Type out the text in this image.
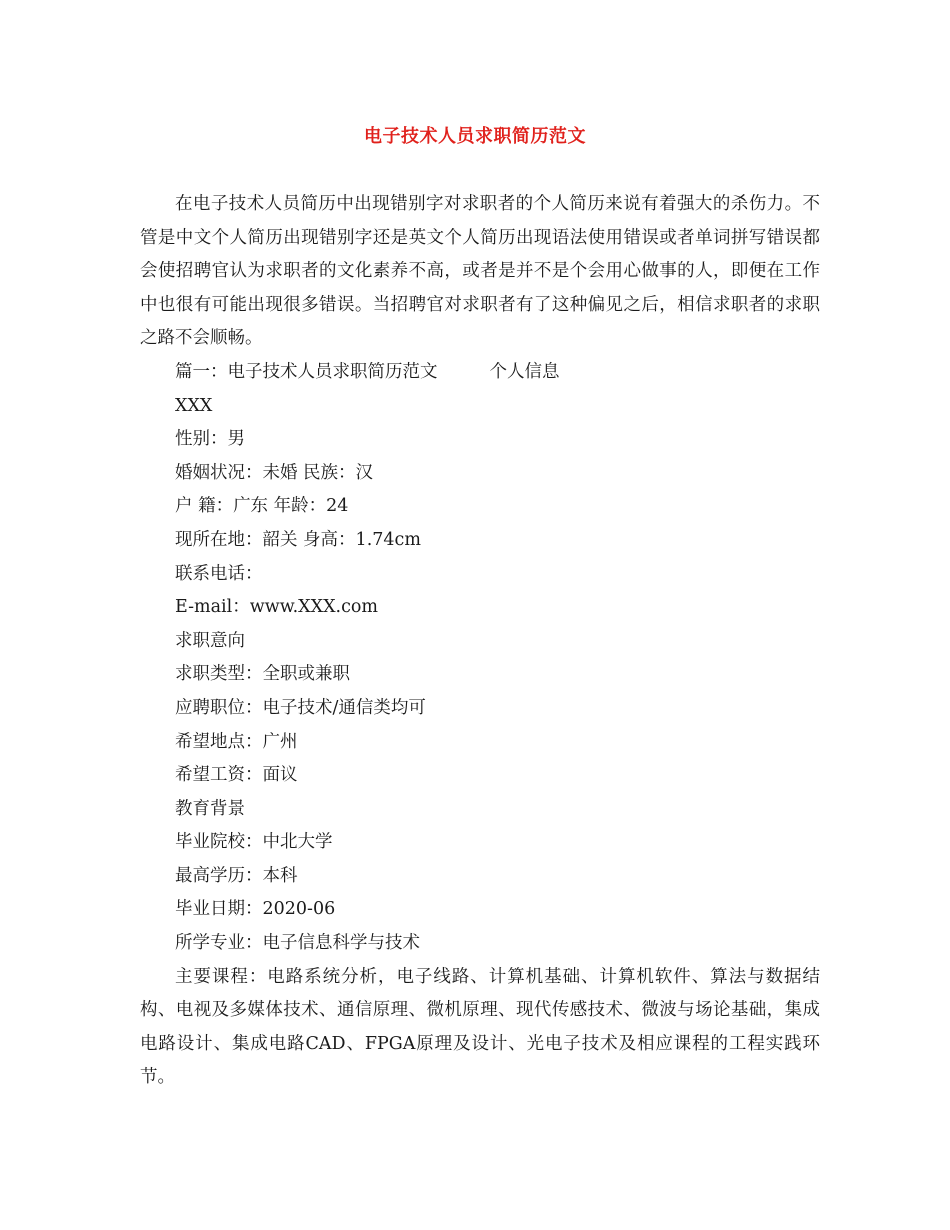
电子技术人员求职简历范文

在电子技术人员简历中出现错别字对求职者的个人简历来说有着强大的杀伤力。不管是中文个人简历出现错别字还是英文个人简历出现语法使用错误或者单词拼写错误都会使招聘官认为求职者的文化素养不高，或者是并不是个会用心做事的人，即便在工作中也很有可能出现很多错误。当招聘官对求职者有了这种偏见之后，相信求职者的求职之路不会顺畅。

篇一：电子技术人员求职简历范文	个人信息

XXX

性别：男

婚姻状况：未婚 民族：汉

户 籍：广东 年龄：24

现所在地：韶关 身高：1.74cm

联系电话：

E-mail：www.XXX.com

求职意向

求职类型：全职或兼职

应聘职位：电子技术/通信类均可

希望地点：广州

希望工资：面议

教育背景

毕业院校：中北大学

最高学历：本科

毕业日期：2020-06

所学专业：电子信息科学与技术

主要课程：电路系统分析，电子线路、计算机基础、计算机软件、算法与数据结构、电视及多媒体技术、通信原理、微机原理、现代传感技术、微波与场论基础，集成电路设计、集成电路CAD、FPGA原理及设计、光电子技术及相应课程的工程实践环节。
